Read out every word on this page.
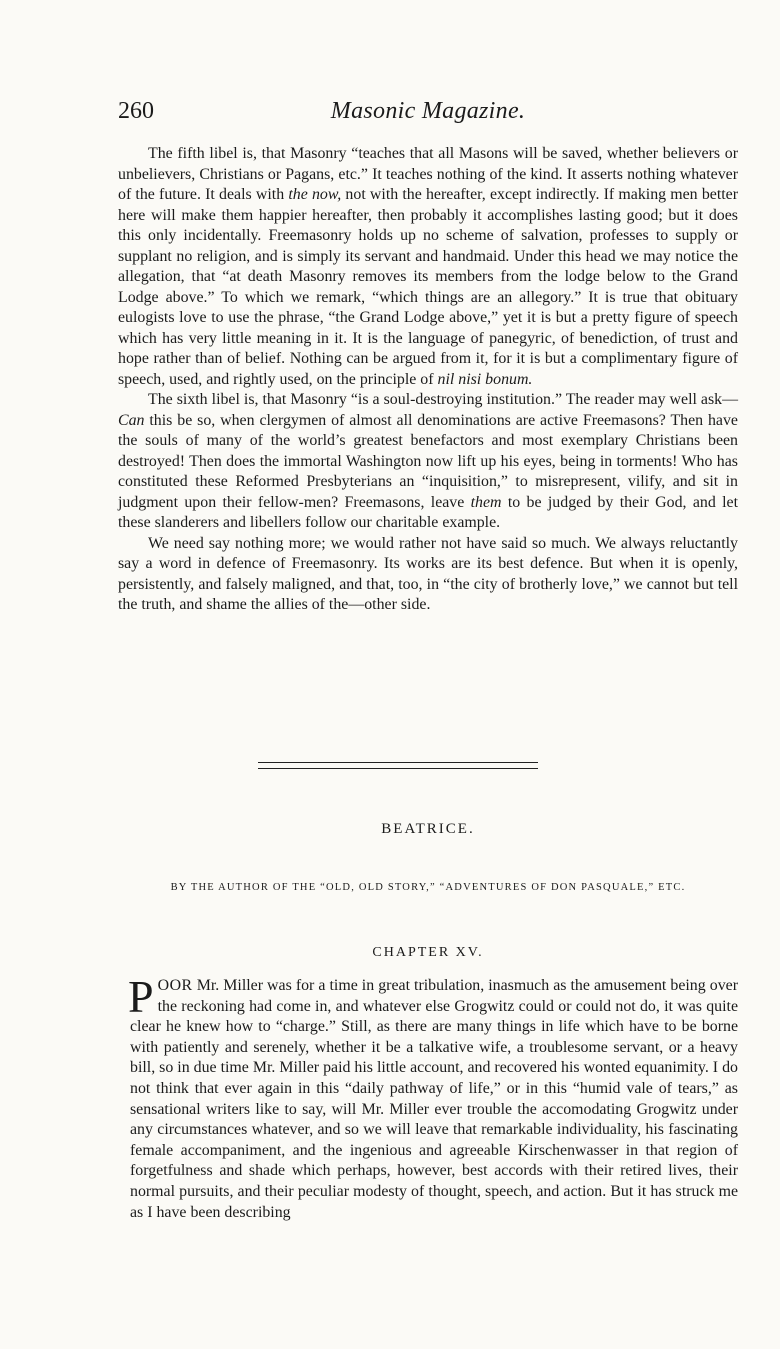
260	Masonic Magazine.

The fifth libel is, that Masonry “teaches that all Masons will be saved, whether believers or unbelievers, Christians or Pagans, etc.” It teaches nothing of the kind. It asserts nothing whatever of the future. It deals with the now, not with the hereafter, except indirectly. If making men better here will make them happier hereafter, then probably it accomplishes lasting good; but it does this only incidentally. Freemasonry holds up no scheme of salvation, professes to supply or supplant no religion, and is simply its servant and handmaid. Under this head we may notice the allegation, that “at death Masonry removes its members from the lodge below to the Grand Lodge above.” To which we remark, “which things are an allegory.” It is true that obituary eulogists love to use the phrase, “the Grand Lodge above,” yet it is but a pretty figure of speech which has very little meaning in it. It is the language of panegyric, of benediction, of trust and hope rather than of belief. Nothing can be argued from it, for it is but a complimentary figure of speech, used, and rightly used, on the principle of nil nisi bonum.

The sixth libel is, that Masonry “is a soul-destroying institution.” The reader may well ask—Can this be so, when clergymen of almost all denominations are active Freemasons? Then have the souls of many of the world’s greatest benefactors and most exemplary Christians been destroyed! Then does the immortal Washington now lift up his eyes, being in torments! Who has constituted these Reformed Presbyterians an “inquisition,” to misrepresent, vilify, and sit in judgment upon their fellow-men? Freemasons, leave them to be judged by their God, and let these slanderers and libellers follow our charitable example.

We need say nothing more; we would rather not have said so much. We always reluctantly say a word in defence of Freemasonry. Its works are its best defence. But when it is openly, persistently, and falsely maligned, and that, too, in “the city of brotherly love,” we cannot but tell the truth, and shame the allies of the—other side.

BEATRICE.
BY THE AUTHOR OF THE “OLD, OLD STORY,” “ADVENTURES OF DON PASQUALE,” ETC.
CHAPTER XV.

POOR Mr. Miller was for a time in great tribulation, inasmuch as the amusement being over the reckoning had come in, and whatever else Grogwitz could or could not do, it was quite clear he knew how to “charge.” Still, as there are many things in life which have to be borne with patiently and serenely, whether it be a talkative wife, a troublesome servant, or a heavy bill, so in due time Mr. Miller paid his little account, and recovered his wonted equanimity. I do not think that ever again in this “daily pathway of life,” or in this “humid vale of tears,” as sensational writers like to say, will Mr. Miller ever trouble the accomodating Grogwitz under any circumstances whatever, and so we will leave that remarkable individuality, his fascinating female accompaniment, and the ingenious and agreeable Kirschenwasser in that region of forgetfulness and shade which perhaps, however, best accords with their retired lives, their normal pursuits, and their peculiar modesty of thought, speech, and action. But it has struck me as I have been describing
